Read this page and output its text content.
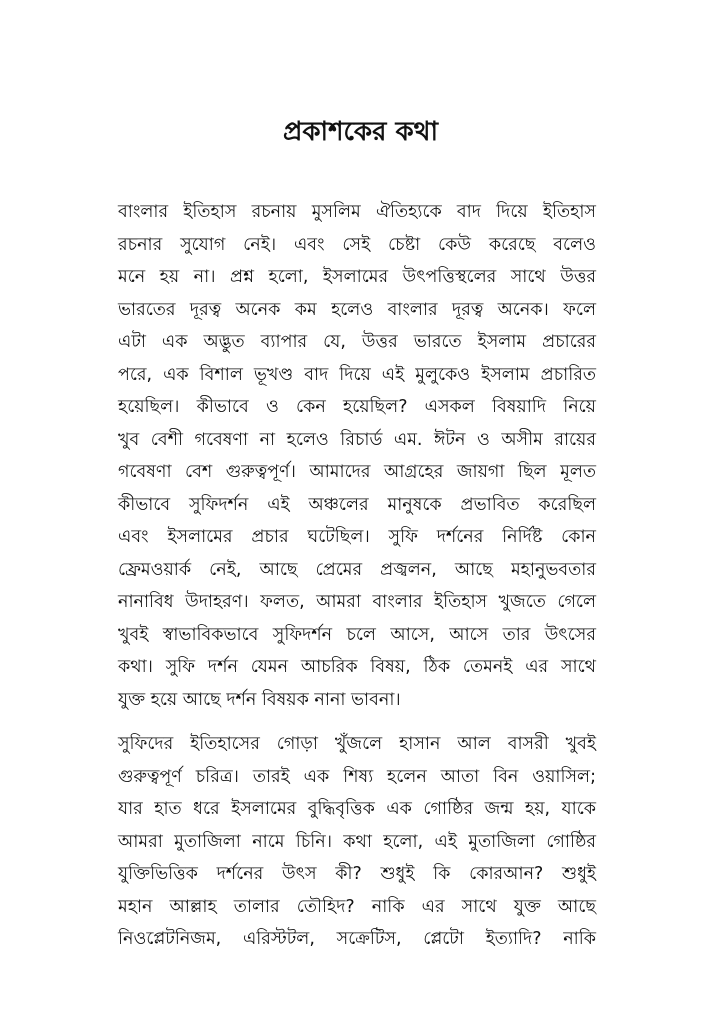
প্রকাশকের কথা

বাংলার ইতিহাস রচনায় মুসলিম ঐতিহ্যকে বাদ দিয়ে ইতিহাস
রচনার সুযোগ নেই। এবং সেই চেষ্টা কেউ করেছে বলেও
মনে হয় না। প্রশ্ন হলো, ইসলামের উৎপত্তিস্থলের সাথে উত্তর
ভারতের দূরত্ব অনেক কম হলেও বাংলার দূরত্ব অনেক। ফলে
এটা এক অদ্ভুত ব্যাপার যে, উত্তর ভারতে ইসলাম প্রচারের
পরে, এক বিশাল ভূখণ্ড বাদ দিয়ে এই মুলুকেও ইসলাম প্রচারিত
হয়েছিল। কীভাবে ও কেন হয়েছিল? এসকল বিষয়াদি নিয়ে
খুব বেশী গবেষণা না হলেও রিচার্ড এম. ঈটন ও অসীম রায়ের
গবেষণা বেশ গুরুত্বপূর্ণ। আমাদের আগ্রহের জায়গা ছিল মূলত
কীভাবে সুফিদর্শন এই অঞ্চলের মানুষকে প্রভাবিত করেছিল
এবং ইসলামের প্রচার ঘটেছিল। সুফি দর্শনের নির্দিষ্ট কোন
ফ্রেমওয়ার্ক নেই, আছে প্রেমের প্রজ্বলন, আছে মহানুভবতার
নানাবিধ উদাহরণ। ফলত, আমরা বাংলার ইতিহাস খুজতে গেলে
খুবই স্বাভাবিকভাবে সুফিদর্শন চলে আসে, আসে তার উৎসের
কথা। সুফি দর্শন যেমন আচরিক বিষয়, ঠিক তেমনই এর সাথে
যুক্ত হয়ে আছে দর্শন বিষয়ক নানা ভাবনা।

সুফিদের ইতিহাসের গোড়া খুঁজলে হাসান আল বাসরী খুবই
গুরুত্বপূর্ণ চরিত্র। তারই এক শিষ্য হলেন আতা বিন ওয়াসিল;
যার হাত ধরে ইসলামের বুদ্ধিবৃত্তিক এক গোষ্ঠির জন্ম হয়, যাকে
আমরা মুতাজিলা নামে চিনি। কথা হলো, এই মুতাজিলা গোষ্ঠির
যুক্তিভিত্তিক দর্শনের উৎস কী? শুধুই কি কোরআন? শুধুই
মহান আল্লাহ তালার তৌহিদ? নাকি এর সাথে যুক্ত আছে
নিওপ্লেটনিজম, এরিস্টটল, সক্রেটিস, প্লেটো ইত্যাদি? নাকি
